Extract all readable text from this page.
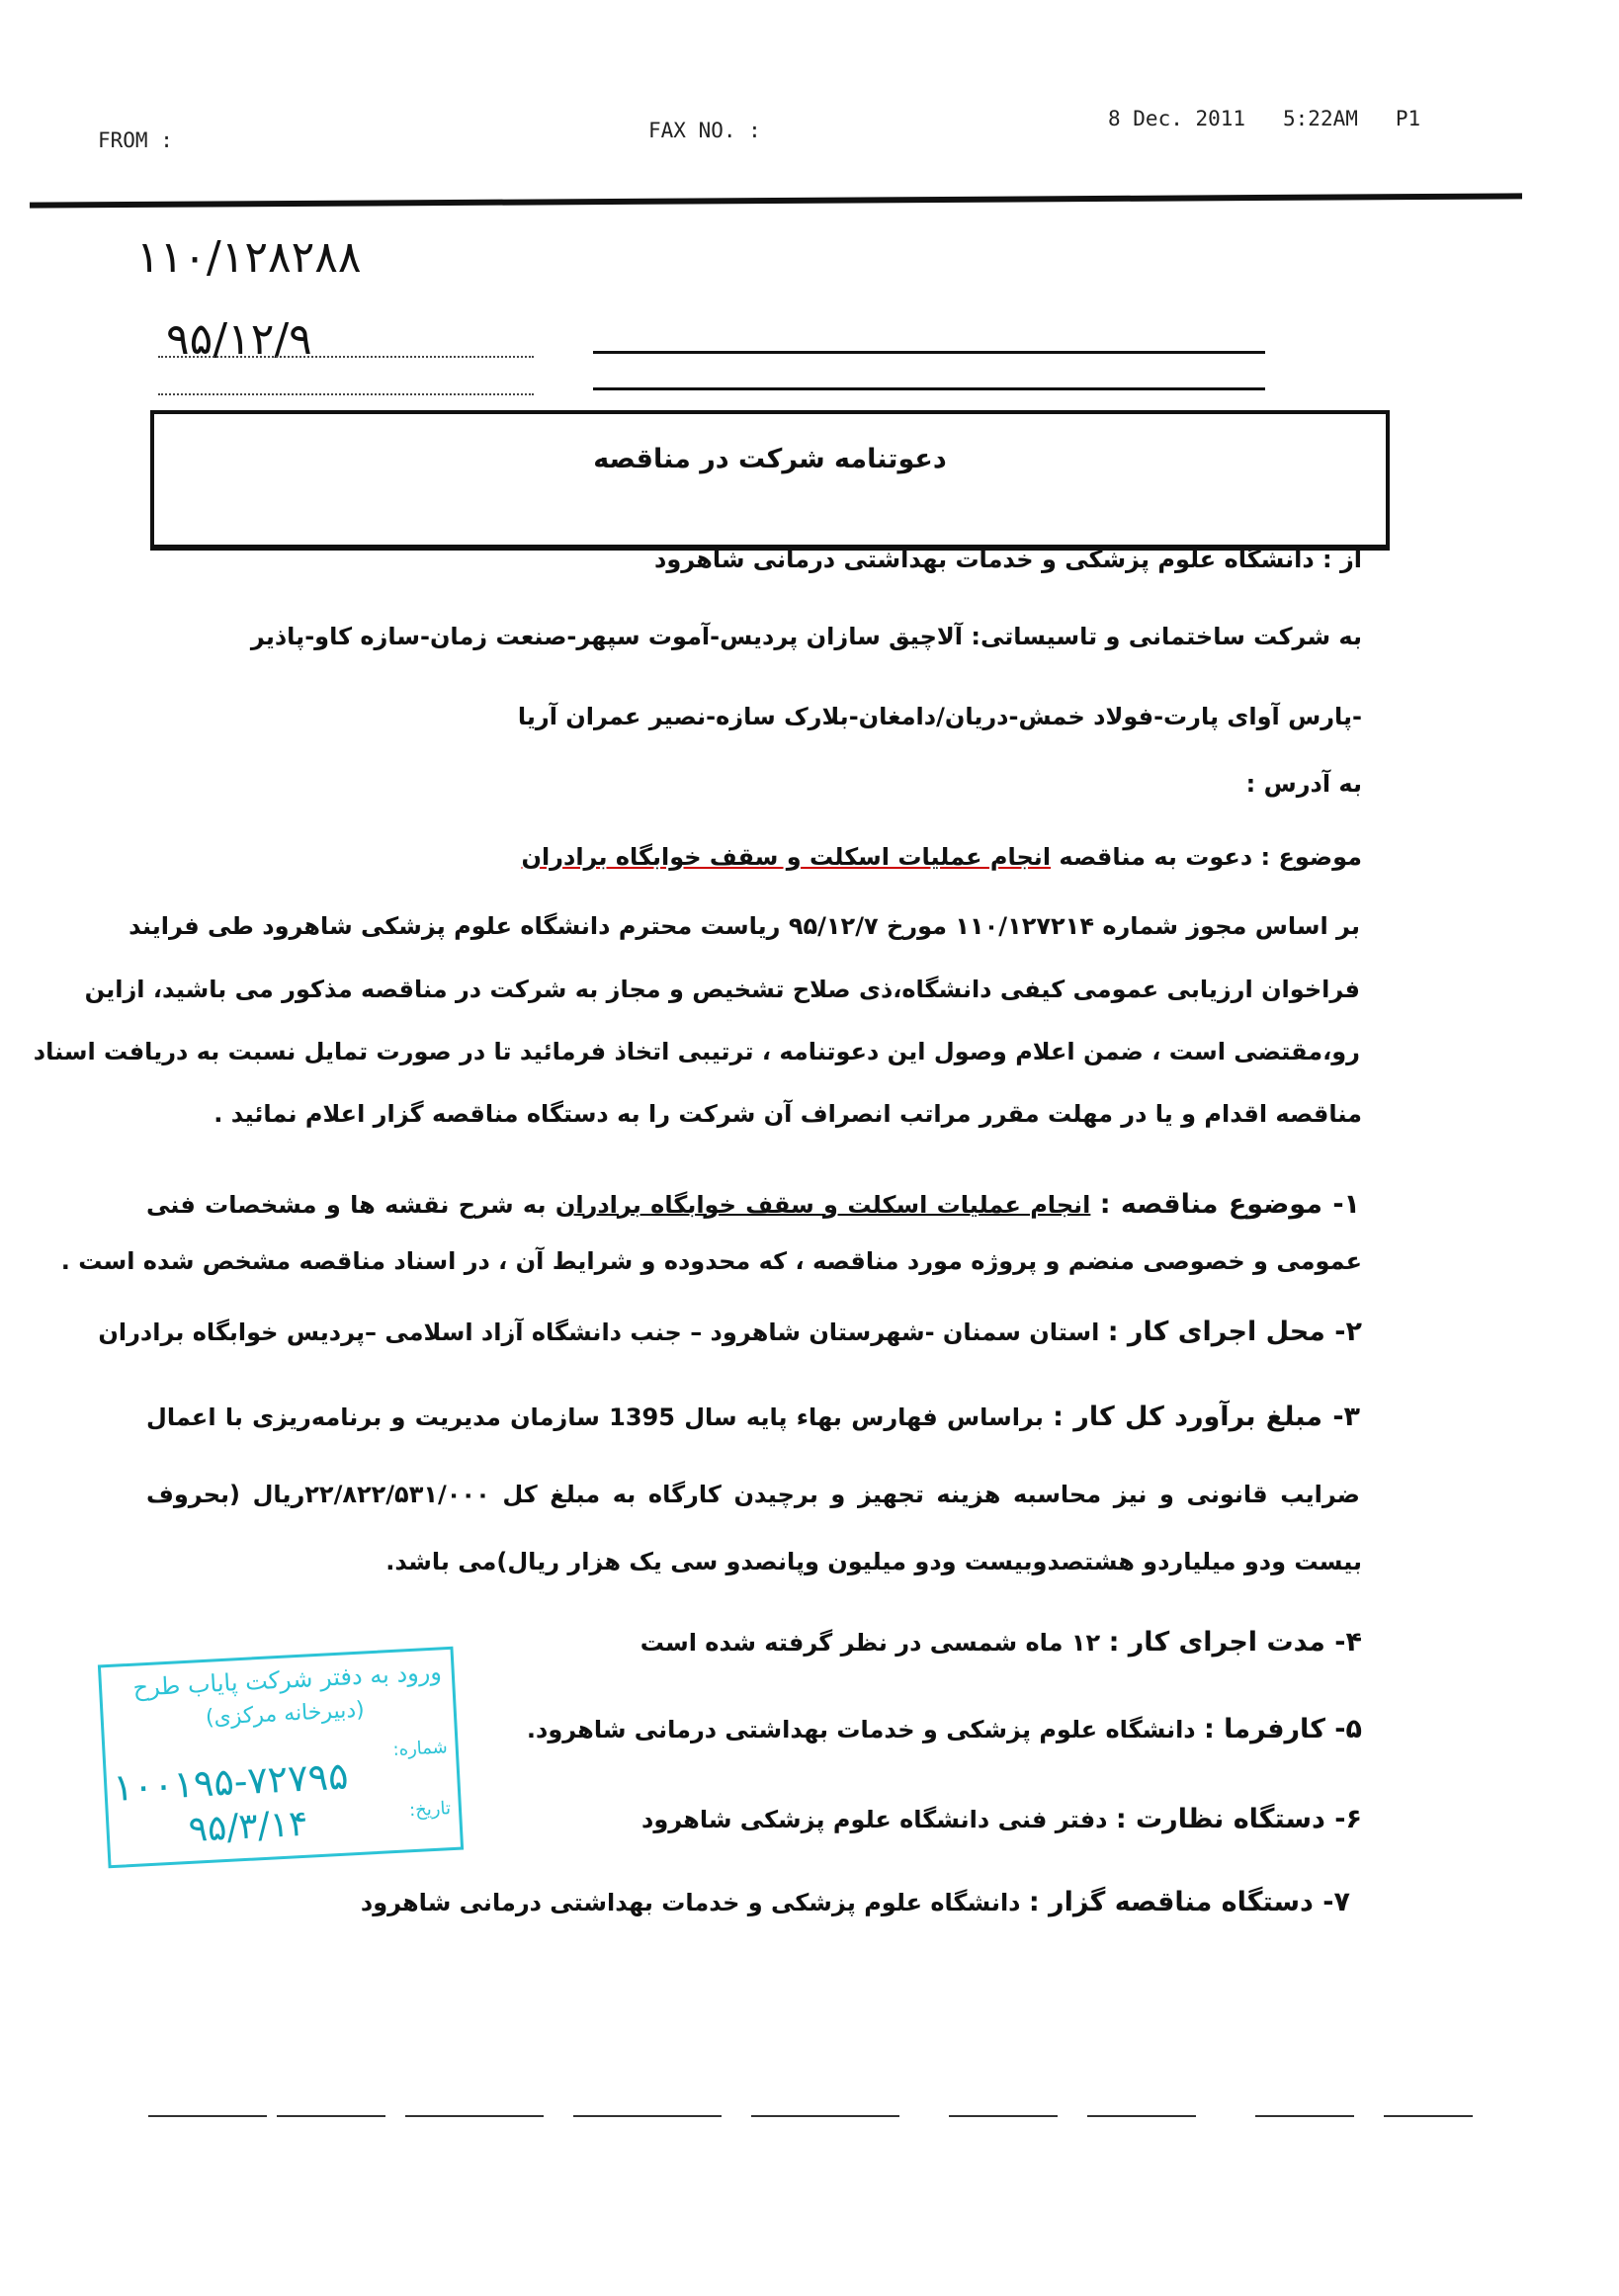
FROM :	FAX NO. :	8 Dec. 2011 5:22AM P1
۱۱۰/۱۲۸۲۸۸
۹۵/۱۲/۹
دعوتنامه شرکت در مناقصه
از : دانشگاه علوم پزشکی و خدمات بهداشتی درمانی شاهرود
به شرکت ساختمانی و تاسیساتی: آلاچیق سازان پردیس-آموت سپهر-صنعت زمان-سازه کاو-پاذیر
-پارس آوای پارت-فولاد خمش-دریان/دامغان-بلارک سازه-نصیر عمران آریا
به آدرس :
موضوع : دعوت به مناقصه انجام عملیات اسکلت و سقف خوابگاه برادران
بر اساس مجوز شماره ۱۱۰/۱۲۷۲۱۴ مورخ ۹۵/۱۲/۷ ریاست محترم دانشگاه علوم پزشکی شاهرود طی فرایند
فراخوان ارزیابی عمومی کیفی دانشگاه،ذی صلاح تشخیص و مجاز به شرکت در مناقصه مذکور می باشید، ازاین
رو،مقتضی است ، ضمن اعلام وصول این دعوتنامه ، ترتیبی اتخاذ فرمائید تا در صورت تمایل نسبت به دریافت اسناد
مناقصه اقدام و یا در مهلت مقرر مراتب انصراف آن شرکت را به دستگاه مناقصه گزار اعلام نمائید .
۱- موضوع مناقصه : انجام عملیات اسکلت و سقف خوابگاه برادران به شرح نقشه ها و مشخصات فنی
عمومی و خصوصی منضم و پروژه مورد مناقصه ، که محدوده و شرایط آن ، در اسناد مناقصه مشخص شده است .
۲- محل اجرای کار : استان سمنان -شهرستان شاهرود – جنب دانشگاه آزاد اسلامی –پردیس خوابگاه برادران
۳- مبلغ برآورد کل کار : براساس فهارس بهاء پایه سال 1395 سازمان مدیریت و برنامه‌ریزی با اعمال
ضرایب قانونی و نیز محاسبه هزینه تجهیز و برچیدن کارگاه به مبلغ کل ۲۲/۸۲۲/۵۳۱/۰۰۰ریال (بحروف
بیست ودو میلیاردو هشتصدوبیست ودو میلیون وپانصدو سی یک هزار ریال)می باشد.
۴- مدت اجرای کار : ۱۲ ماه شمسی در نظر گرفته شده است
۵- کارفرما : دانشگاه علوم پزشکی و خدمات بهداشتی درمانی شاهرود.
۶- دستگاه نظارت : دفتر فنی دانشگاه علوم پزشکی شاهرود
۷- دستگاه مناقصه گزار : دانشگاه علوم پزشکی و خدمات بهداشتی درمانی شاهرود
ورود به دفتر شرکت پایاب طرح
(دبیرخانه مرکزی)
شماره:
تاریخ:
۱۰۰۱۹۵-۷۲۷۹۵
۹۵/۳/۱۴
